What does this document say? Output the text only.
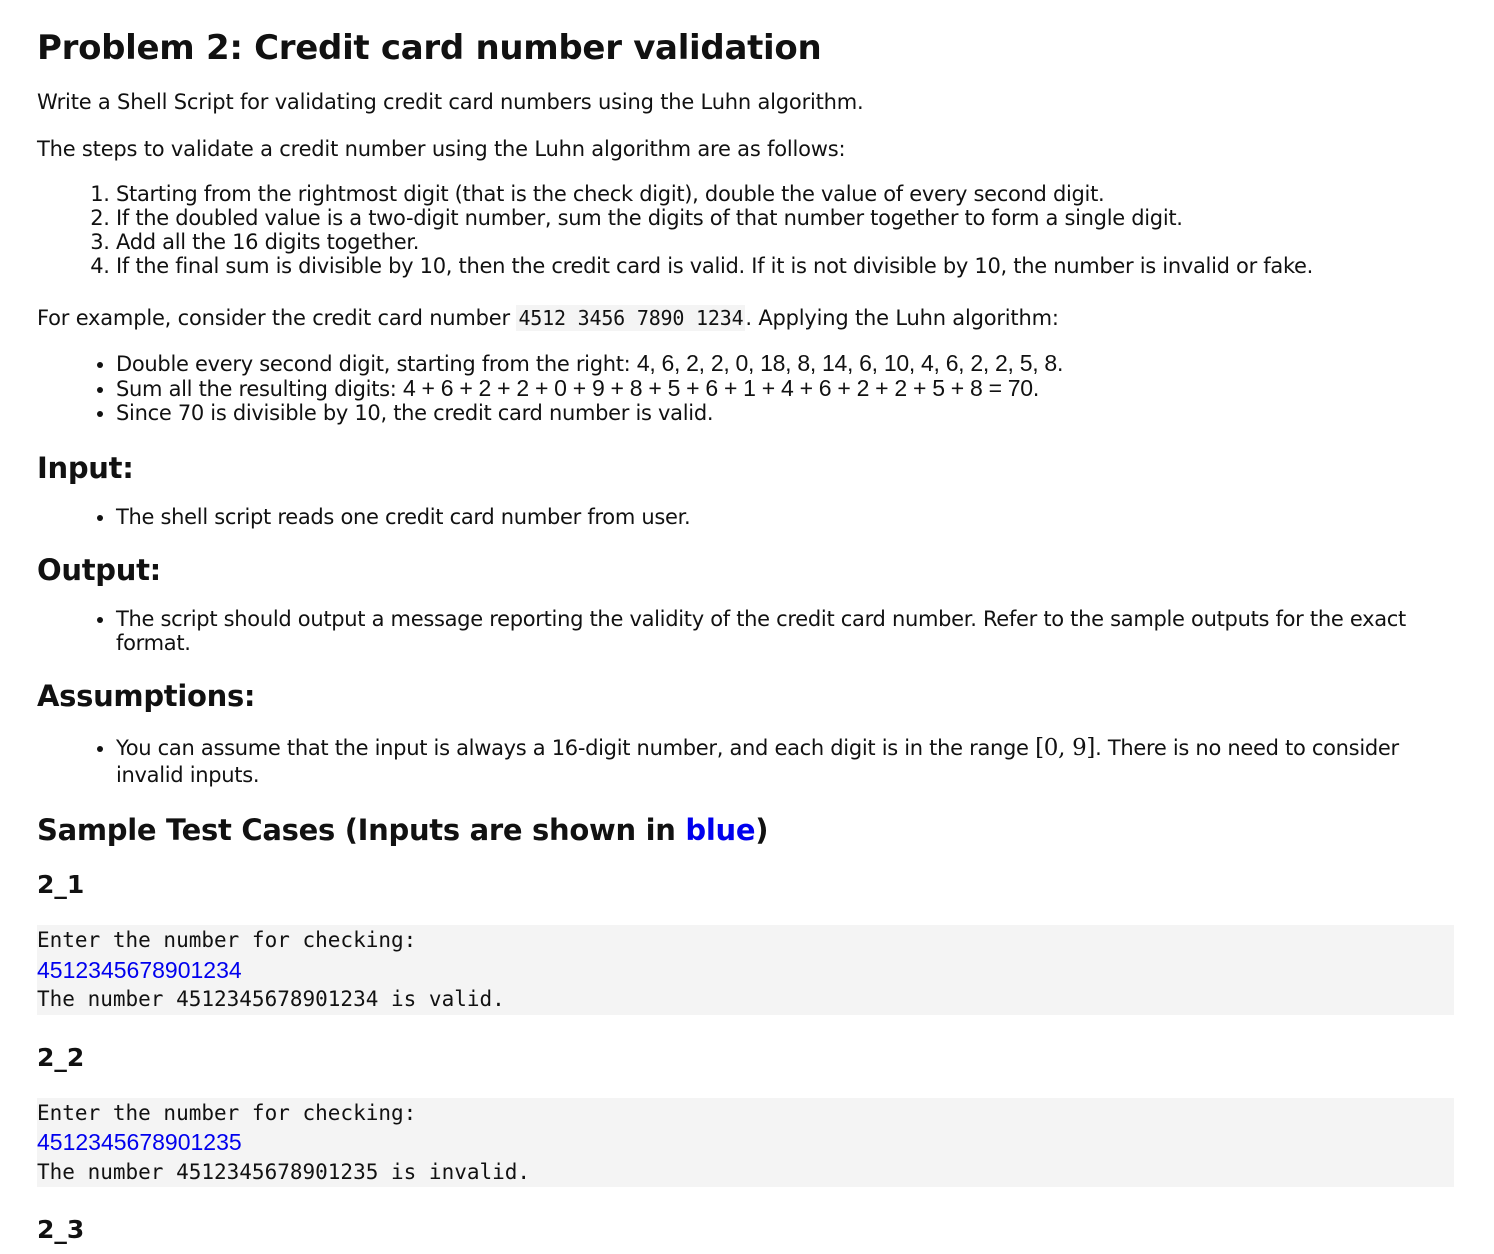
Problem 2: Credit card number validation

Write a Shell Script for validating credit card numbers using the Luhn algorithm.

The steps to validate a credit number using the Luhn algorithm are as follows:

1. Starting from the rightmost digit (that is the check digit), double the value of every second digit.
2. If the doubled value is a two-digit number, sum the digits of that number together to form a single digit.
3. Add all the 16 digits together.
4. If the final sum is divisible by 10, then the credit card is valid. If it is not divisible by 10, the number is invalid or fake.

For example, consider the credit card number 4512 3456 7890 1234. Applying the Luhn algorithm:

• Double every second digit, starting from the right: 4, 6, 2, 2, 0, 18, 8, 14, 6, 10, 4, 6, 2, 2, 5, 8.
• Sum all the resulting digits: 4 + 6 + 2 + 2 + 0 + 9 + 8 + 5 + 6 + 1 + 4 + 6 + 2 + 2 + 5 + 8 = 70.
• Since 70 is divisible by 10, the credit card number is valid.
Input:
• The shell script reads one credit card number from user.
Output:
• The script should output a message reporting the validity of the credit card number. Refer to the sample outputs for the exact format.
Assumptions:
• You can assume that the input is always a 16-digit number, and each digit is in the range [0, 9]. There is no need to consider invalid inputs.
Sample Test Cases (Inputs are shown in blue)
2_1
Enter the number for checking:
4512345678901234
The number 4512345678901234 is valid.
2_2
Enter the number for checking:
4512345678901235
The number 4512345678901235 is invalid.
2_3
